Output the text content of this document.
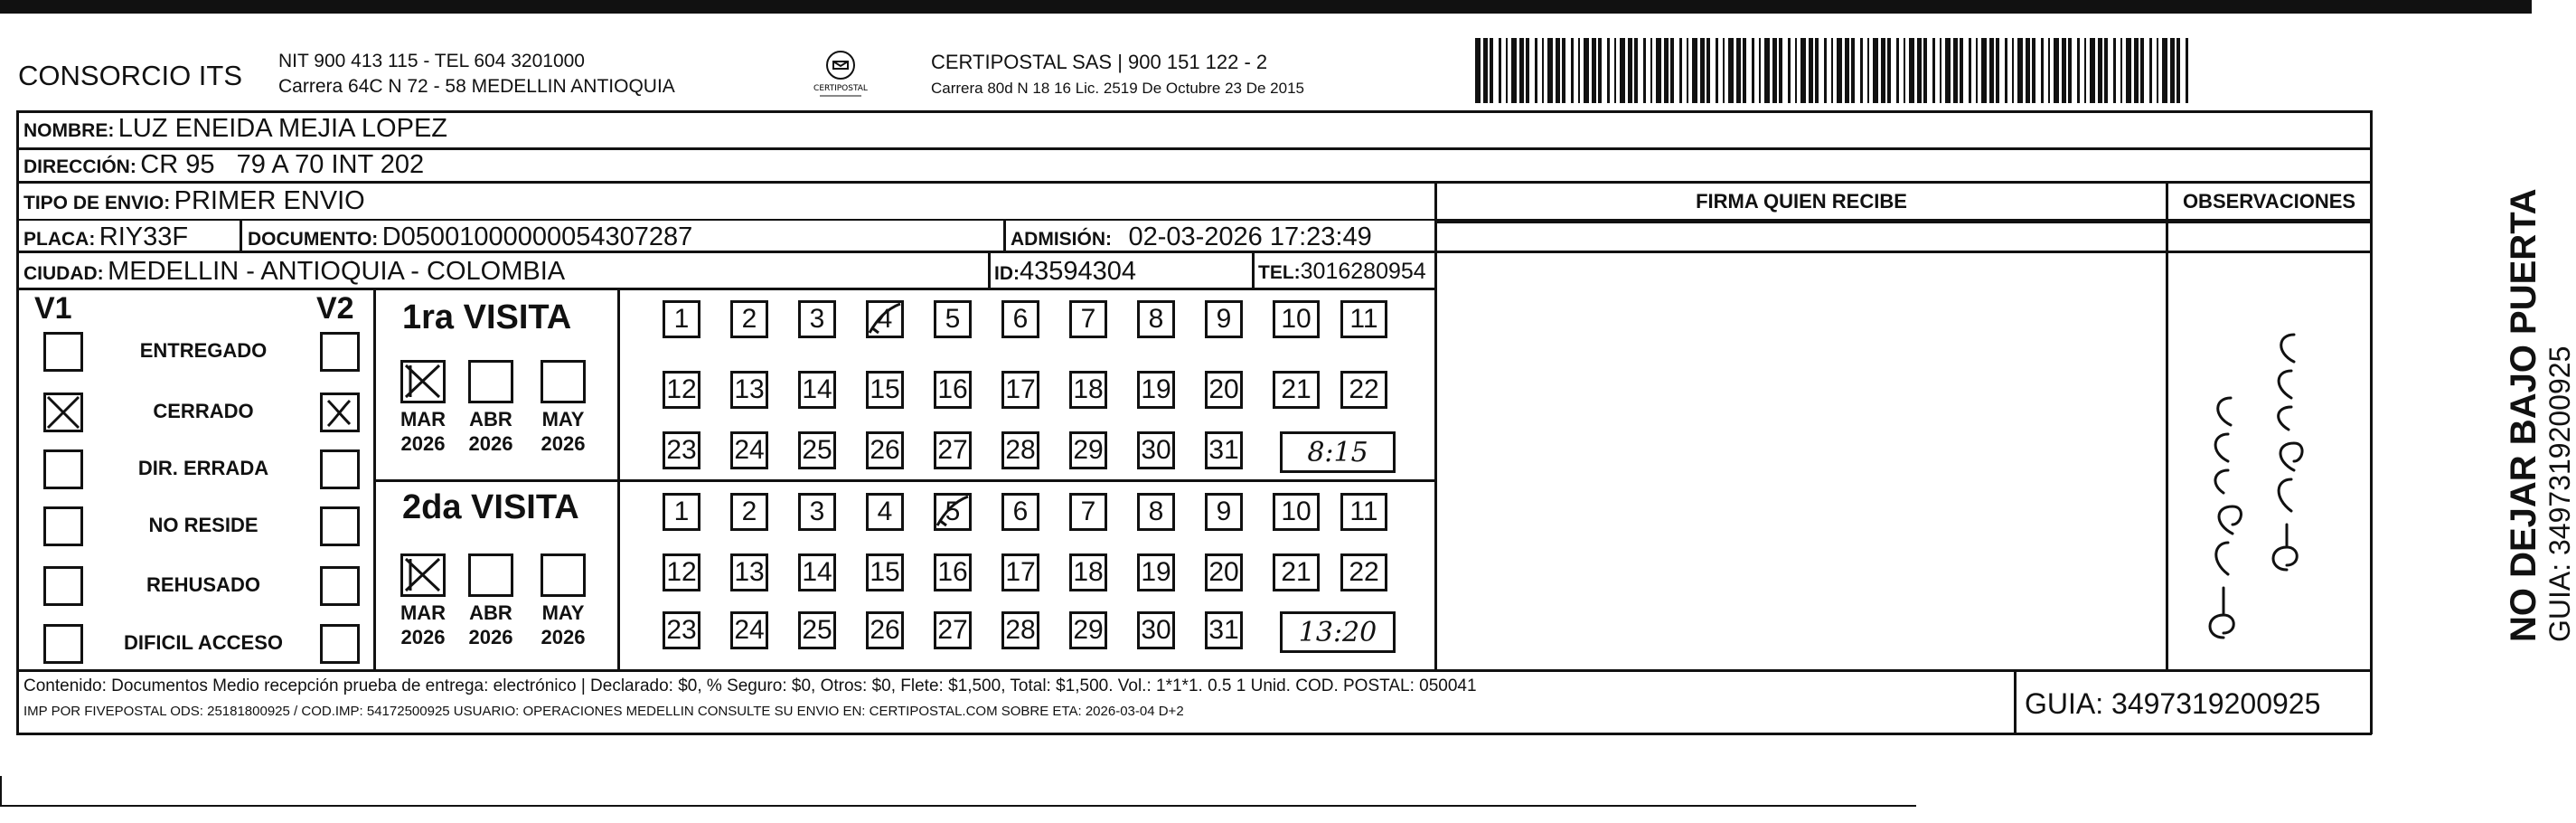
CONSORCIO ITS NIT 900 413 115 - TEL 604 3201000
Carrera 64C N 72 - 58 MEDELLIN ANTIOQUIA	CERTIPOSTAL
CERTIPOSTAL SAS | 900 151 122 - 2
Carrera 80d N 18 16 Lic. 2519 De Octubre 23 De 2015
NOMBRE: LUZ ENEIDA MEJIA LOPEZ
DIRECCIÓN: CR 95   79 A 70 INT 202
TIPO DE ENVIO: PRIMER ENVIO
PLACA: RIY33F	DOCUMENTO: D05001000000054307287	ADMISIÓN: 02-03-2026 17:23:49
CIUDAD: MEDELLIN - ANTIOQUIA - COLOMBIA	ID:43594304	TEL:3016280954
FIRMA QUIEN RECIBE	OBSERVACIONES
V1	V2
ENTREGADO
CERRADO
DIR. ERRADA
NO RESIDE
REHUSADO
DIFICIL ACCESO
1ra VISITA
2da VISITA
MAR
2026
ABR
2026
MAY
2026
MAR
2026
ABR
2026
MAY
2026
1	2	3	4	5	6	7	8	9	10	11
12 13 14 15 16 17 18 19 20	21	22
23 24 25 26 27 28 29 30 31	8:15
1	2	3	4	5	6	7	8	9	10	11
12 13 14 15 16 17 18 19 20	21	22
23 24 25 26 27 28 29 30 31	13:20
Contenido: Documentos Medio recepción prueba de entrega: electrónico | Declarado: $0, % Seguro: $0, Otros: $0, Flete: $1,500, Total: $1,500. Vol.: 1*1*1. 0.5 1 Unid. COD. POSTAL: 050041
IMP POR FIVEPOSTAL ODS: 25181800925 / COD.IMP: 54172500925 USUARIO: OPERACIONES MEDELLIN CONSULTE SU ENVIO EN: CERTIPOSTAL.COM SOBRE ETA: 2026-03-04 D+2	GUIA: 3497319200925
NO DEJAR BAJO PUERTA GUIA: 3497319200925
